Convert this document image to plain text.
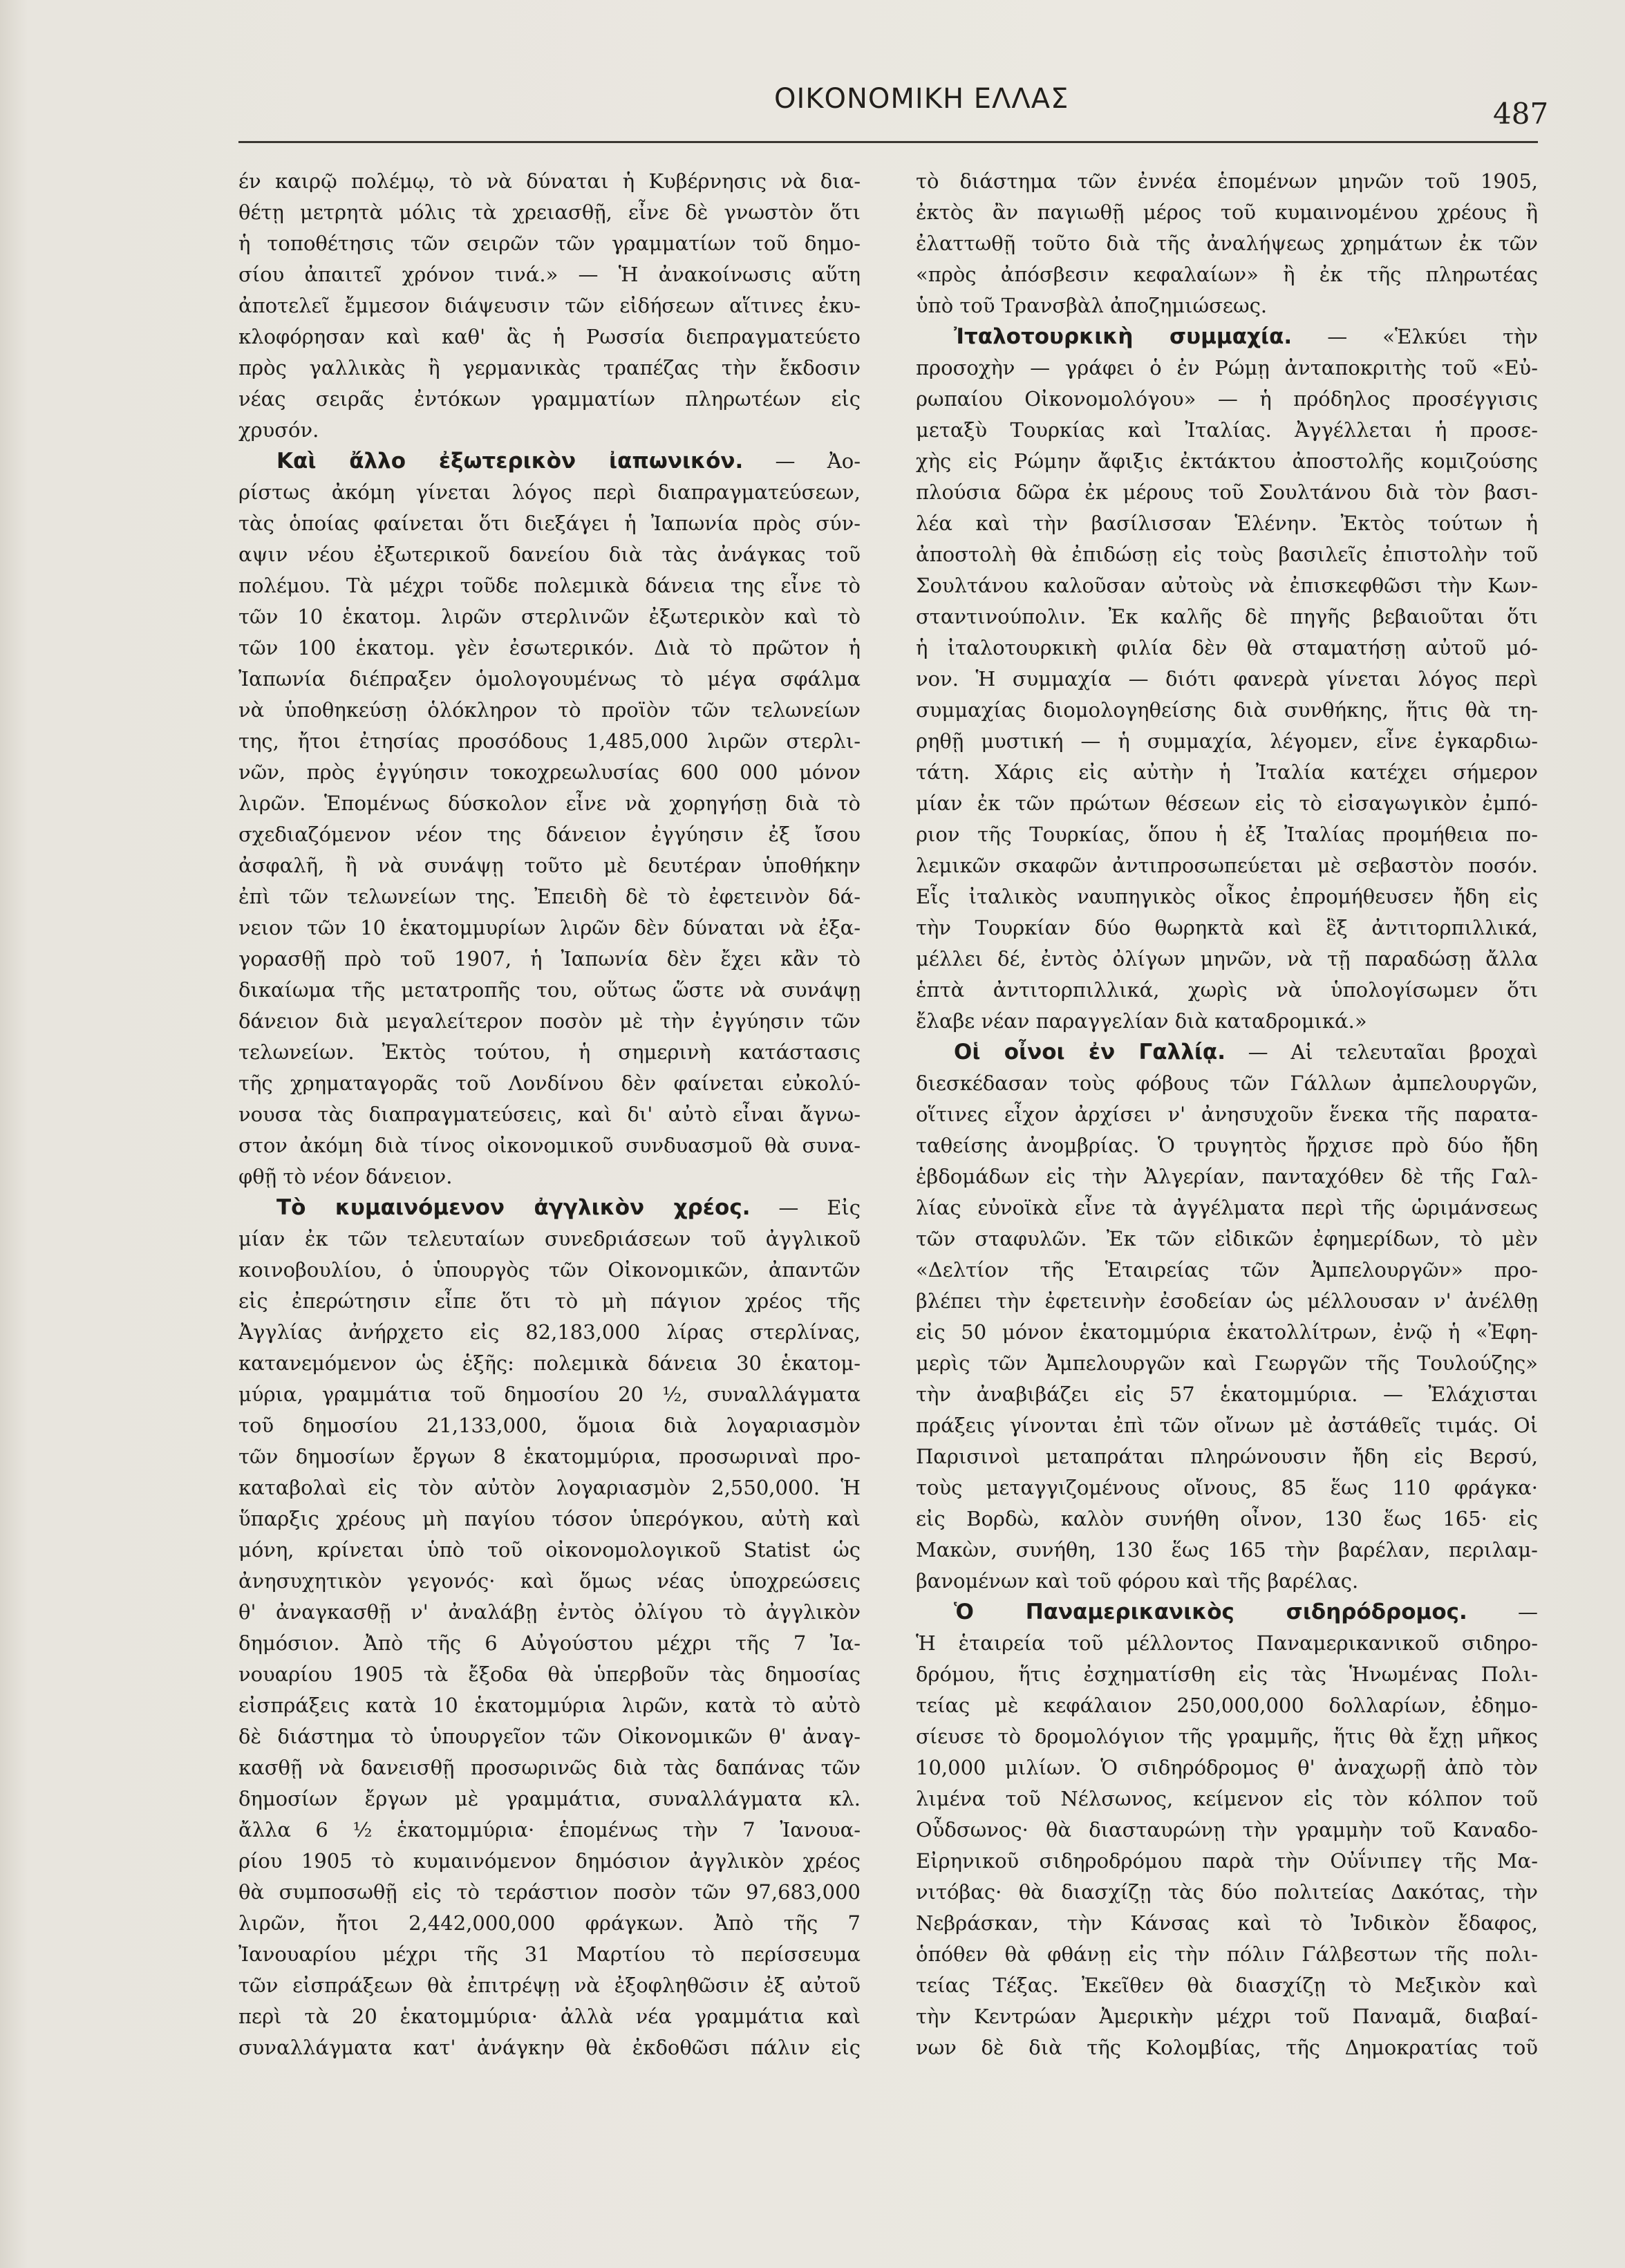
ΟΙΚΟΝΟΜΙΚΗ ΕΛΛΑΣ	487
έν καιρῷ πολέμῳ, τὸ νὰ δύναται ἡ Κυβέρνησις νὰ δια-
θέτῃ μετρητὰ μόλις τὰ χρειασθῇ, εἶνε δὲ γνωστὸν ὅτι
ἡ τοποθέτησις τῶν σειρῶν τῶν γραμματίων τοῦ δημο-
σίου ἀπαιτεῖ χρόνον τινά.» — Ἡ ἀνακοίνωσις αὕτη
ἀποτελεῖ ἔμμεσον διάψευσιν τῶν εἰδήσεων αἵτινες ἐκυ-
κλοφόρησαν καὶ καθ' ἃς ἡ Ρωσσία διεπραγματεύετο
πρὸς γαλλικὰς ἢ γερμανικὰς τραπέζας τὴν ἔκδοσιν
νέας σειρᾶς ἐντόκων γραμματίων πληρωτέων εἰς
χρυσόν.
Καὶ ἄλλο ἐξωτερικὸν ἰαπωνικόν. — Ἀο-
ρίστως ἀκόμη γίνεται λόγος περὶ διαπραγματεύσεων,
τὰς ὁποίας φαίνεται ὅτι διεξάγει ἡ Ἰαπωνία πρὸς σύν-
αψιν νέου ἐξωτερικοῦ δανείου διὰ τὰς ἀνάγκας τοῦ
πολέμου. Τὰ μέχρι τοῦδε πολεμικὰ δάνεια της εἶνε τὸ
τῶν 10 ἑκατομ. λιρῶν στερλινῶν ἐξωτερικὸν καὶ τὸ
τῶν 100 ἑκατομ. γὲν ἐσωτερικόν. Διὰ τὸ πρῶτον ἡ
Ἰαπωνία διέπραξεν ὁμολογουμένως τὸ μέγα σφάλμα
νὰ ὑποθηκεύσῃ ὁλόκληρον τὸ προϊὸν τῶν τελωνείων
της, ἤτοι ἐτησίας προσόδους 1,485,000 λιρῶν στερλι-
νῶν, πρὸς ἐγγύησιν τοκοχρεωλυσίας 600 000 μόνον
λιρῶν. Ἑπομένως δύσκολον εἶνε νὰ χορηγήσῃ διὰ τὸ
σχεδιαζόμενον νέον της δάνειον ἐγγύησιν ἐξ ἴσου
ἀσφαλῆ, ἢ νὰ συνάψῃ τοῦτο μὲ δευτέραν ὑποθήκην
ἐπὶ τῶν τελωνείων της. Ἐπειδὴ δὲ τὸ ἐφετεινὸν δά-
νειον τῶν 10 ἑκατομμυρίων λιρῶν δὲν δύναται νὰ ἐξα-
γορασθῇ πρὸ τοῦ 1907, ἡ Ἰαπωνία δὲν ἔχει κἂν τὸ
δικαίωμα τῆς μετατροπῆς του, οὕτως ὥστε νὰ συνάψῃ
δάνειον διὰ μεγαλείτερον ποσὸν μὲ τὴν ἐγγύησιν τῶν
τελωνείων. Ἐκτὸς τούτου, ἡ σημερινὴ κατάστασις
τῆς χρηματαγορᾶς τοῦ Λονδίνου δὲν φαίνεται εὐκολύ-
νουσα τὰς διαπραγματεύσεις, καὶ δι' αὐτὸ εἶναι ἄγνω-
στον ἀκόμη διὰ τίνος οἰκονομικοῦ συνδυασμοῦ θὰ συνα-
φθῇ τὸ νέον δάνειον.
Τὸ κυμαινόμενον ἀγγλικὸν χρέος. — Εἰς
μίαν ἐκ τῶν τελευταίων συνεδριάσεων τοῦ ἀγγλικοῦ
κοινοβουλίου, ὁ ὑπουργὸς τῶν Οἰκονομικῶν, ἀπαντῶν
εἰς ἐπερώτησιν εἶπε ὅτι τὸ μὴ πάγιον χρέος τῆς
Ἀγγλίας ἀνήρχετο εἰς 82,183,000 λίρας στερλίνας,
κατανεμόμενον ὡς ἑξῆς: πολεμικὰ δάνεια 30 ἑκατομ-
μύρια, γραμμάτια τοῦ δημοσίου 20 ½, συναλλάγματα
τοῦ δημοσίου 21,133,000, ὅμοια διὰ λογαριασμὸν
τῶν δημοσίων ἔργων 8 ἑκατομμύρια, προσωριναὶ προ-
καταβολαὶ εἰς τὸν αὐτὸν λογαριασμὸν 2,550,000. Ἡ
ὕπαρξις χρέους μὴ παγίου τόσον ὑπερόγκου, αὐτὴ καὶ
μόνη, κρίνεται ὑπὸ τοῦ οἰκονομολογικοῦ Statist ὡς
ἀνησυχητικὸν γεγονός· καὶ ὅμως νέας ὑποχρεώσεις
θ' ἀναγκασθῇ ν' ἀναλάβῃ ἐντὸς ὀλίγου τὸ ἀγγλικὸν
δημόσιον. Ἀπὸ τῆς 6 Αὐγούστου μέχρι τῆς 7 Ἰα-
νουαρίου 1905 τὰ ἔξοδα θὰ ὑπερβοῦν τὰς δημοσίας
εἰσπράξεις κατὰ 10 ἑκατομμύρια λιρῶν, κατὰ τὸ αὐτὸ
δὲ διάστημα τὸ ὑπουργεῖον τῶν Οἰκονομικῶν θ' ἀναγ-
κασθῇ νὰ δανεισθῇ προσωρινῶς διὰ τὰς δαπάνας τῶν
δημοσίων ἔργων μὲ γραμμάτια, συναλλάγματα κλ.
ἄλλα 6 ½ ἑκατομμύρια· ἑπομένως τὴν 7 Ἰανουα-
ρίου 1905 τὸ κυμαινόμενον δημόσιον ἀγγλικὸν χρέος
θὰ συμποσωθῇ εἰς τὸ τεράστιον ποσὸν τῶν 97,683,000
λιρῶν, ἤτοι 2,442,000,000 φράγκων. Ἀπὸ τῆς 7
Ἰανουαρίου μέχρι τῆς 31 Μαρτίου τὸ περίσσευμα
τῶν εἰσπράξεων θὰ ἐπιτρέψῃ νὰ ἐξοφληθῶσιν ἐξ αὐτοῦ
περὶ τὰ 20 ἑκατομμύρια· ἀλλὰ νέα γραμμάτια καὶ
συναλλάγματα κατ' ἀνάγκην θὰ ἐκδοθῶσι πάλιν εἰς
τὸ διάστημα τῶν ἐννέα ἑπομένων μηνῶν τοῦ 1905,
ἐκτὸς ἂν παγιωθῇ μέρος τοῦ κυμαινομένου χρέους ἢ
ἐλαττωθῇ τοῦτο διὰ τῆς ἀναλήψεως χρημάτων ἐκ τῶν
«πρὸς ἀπόσβεσιν κεφαλαίων» ἢ ἐκ τῆς πληρωτέας
ὑπὸ τοῦ Τρανσβὰλ ἀποζημιώσεως.
Ἰταλοτουρκικὴ συμμαχία. — «Ἑλκύει τὴν
προσοχὴν — γράφει ὁ ἐν Ρώμῃ ἀνταποκριτὴς τοῦ «Εὐ-
ρωπαίου Οἰκονομολόγου» — ἡ πρόδηλος προσέγγισις
μεταξὺ Τουρκίας καὶ Ἰταλίας. Ἀγγέλλεται ἡ προσε-
χὴς εἰς Ρώμην ἄφιξις ἐκτάκτου ἀποστολῆς κομιζούσης
πλούσια δῶρα ἐκ μέρους τοῦ Σουλτάνου διὰ τὸν βασι-
λέα καὶ τὴν βασίλισσαν Ἑλένην. Ἐκτὸς τούτων ἡ
ἀποστολὴ θὰ ἐπιδώσῃ εἰς τοὺς βασιλεῖς ἐπιστολὴν τοῦ
Σουλτάνου καλοῦσαν αὐτοὺς νὰ ἐπισκεφθῶσι τὴν Κων-
σταντινούπολιν. Ἐκ καλῆς δὲ πηγῆς βεβαιοῦται ὅτι
ἡ ἰταλοτουρκικὴ φιλία δὲν θὰ σταματήσῃ αὐτοῦ μό-
νον. Ἡ συμμαχία — διότι φανερὰ γίνεται λόγος περὶ
συμμαχίας διομολογηθείσης διὰ συνθήκης, ἥτις θὰ τη-
ρηθῇ μυστική — ἡ συμμαχία, λέγομεν, εἶνε ἐγκαρδιω-
τάτη. Χάρις εἰς αὐτὴν ἡ Ἰταλία κατέχει σήμερον
μίαν ἐκ τῶν πρώτων θέσεων εἰς τὸ εἰσαγωγικὸν ἐμπό-
ριον τῆς Τουρκίας, ὅπου ἡ ἐξ Ἰταλίας προμήθεια πο-
λεμικῶν σκαφῶν ἀντιπροσωπεύεται μὲ σεβαστὸν ποσόν.
Εἷς ἰταλικὸς ναυπηγικὸς οἶκος ἐπρομήθευσεν ἤδη εἰς
τὴν Τουρκίαν δύο θωρηκτὰ καὶ ἓξ ἀντιτορπιλλικά,
μέλλει δέ, ἐντὸς ὀλίγων μηνῶν, νὰ τῇ παραδώσῃ ἄλλα
ἑπτὰ ἀντιτορπιλλικά, χωρὶς νὰ ὑπολογίσωμεν ὅτι
ἔλαβε νέαν παραγγελίαν διὰ καταδρομικά.»
Οἱ οἶνοι ἐν Γαλλίᾳ. — Αἱ τελευταῖαι βροχαὶ
διεσκέδασαν τοὺς φόβους τῶν Γάλλων ἀμπελουργῶν,
οἵτινες εἶχον ἀρχίσει ν' ἀνησυχοῦν ἕνεκα τῆς παρατα-
ταθείσης ἀνομβρίας. Ὁ τρυγητὸς ἤρχισε πρὸ δύο ἤδη
ἑβδομάδων εἰς τὴν Ἀλγερίαν, πανταχόθεν δὲ τῆς Γαλ-
λίας εὐνοϊκὰ εἶνε τὰ ἀγγέλματα περὶ τῆς ὡριμάνσεως
τῶν σταφυλῶν. Ἐκ τῶν εἰδικῶν ἐφημερίδων, τὸ μὲν
«Δελτίον τῆς Ἑταιρείας τῶν Ἀμπελουργῶν» προ-
βλέπει τὴν ἐφετεινὴν ἐσοδείαν ὡς μέλλουσαν ν' ἀνέλθῃ
εἰς 50 μόνον ἑκατομμύρια ἑκατολλίτρων, ἐνῷ ἡ «Ἐφη-
μερὶς τῶν Ἀμπελουργῶν καὶ Γεωργῶν τῆς Τουλούζης»
τὴν ἀναβιβάζει εἰς 57 ἑκατομμύρια. — Ἐλάχισται
πράξεις γίνονται ἐπὶ τῶν οἴνων μὲ ἀστάθεῖς τιμάς. Οἱ
Παρισινοὶ μεταπράται πληρώνουσιν ἤδη εἰς Βερσύ,
τοὺς μεταγγιζομένους οἴνους, 85 ἕως 110 φράγκα·
εἰς Βορδὼ, καλὸν συνήθη οἶνον, 130 ἕως 165· εἰς
Μακὼν, συνήθη, 130 ἕως 165 τὴν βαρέλαν, περιλαμ-
βανομένων καὶ τοῦ φόρου καὶ τῆς βαρέλας.
Ὁ Παναμερικανικὸς σιδηρόδρομος. —
Ἡ ἑταιρεία τοῦ μέλλοντος Παναμερικανικοῦ σιδηρο-
δρόμου, ἥτις ἐσχηματίσθη εἰς τὰς Ἡνωμένας Πολι-
τείας μὲ κεφάλαιον 250,000,000 δολλαρίων, ἐδημο-
σίευσε τὸ δρομολόγιον τῆς γραμμῆς, ἥτις θὰ ἔχῃ μῆκος
10,000 μιλίων. Ὁ σιδηρόδρομος θ' ἀναχωρῇ ἀπὸ τὸν
λιμένα τοῦ Νέλσωνος, κείμενον εἰς τὸν κόλπον τοῦ
Οὗδσωνος· θὰ διασταυρώνῃ τὴν γραμμὴν τοῦ Καναδο-
Εἰρηνικοῦ σιδηροδρόμου παρὰ τὴν Οὐΐνιπεγ τῆς Μα-
νιτόβας· θὰ διασχίζῃ τὰς δύο πολιτείας Δακότας, τὴν
Νεβράσκαν, τὴν Κάνσας καὶ τὸ Ἰνδικὸν ἔδαφος,
ὁπόθεν θὰ φθάνῃ εἰς τὴν πόλιν Γάλβεστων τῆς πολι-
τείας Τέξας. Ἐκεῖθεν θὰ διασχίζῃ τὸ Μεξικὸν καὶ
τὴν Κεντρώαν Ἀμερικὴν μέχρι τοῦ Παναμᾶ, διαβαί-
νων δὲ διὰ τῆς Κολομβίας, τῆς Δημοκρατίας τοῦ
